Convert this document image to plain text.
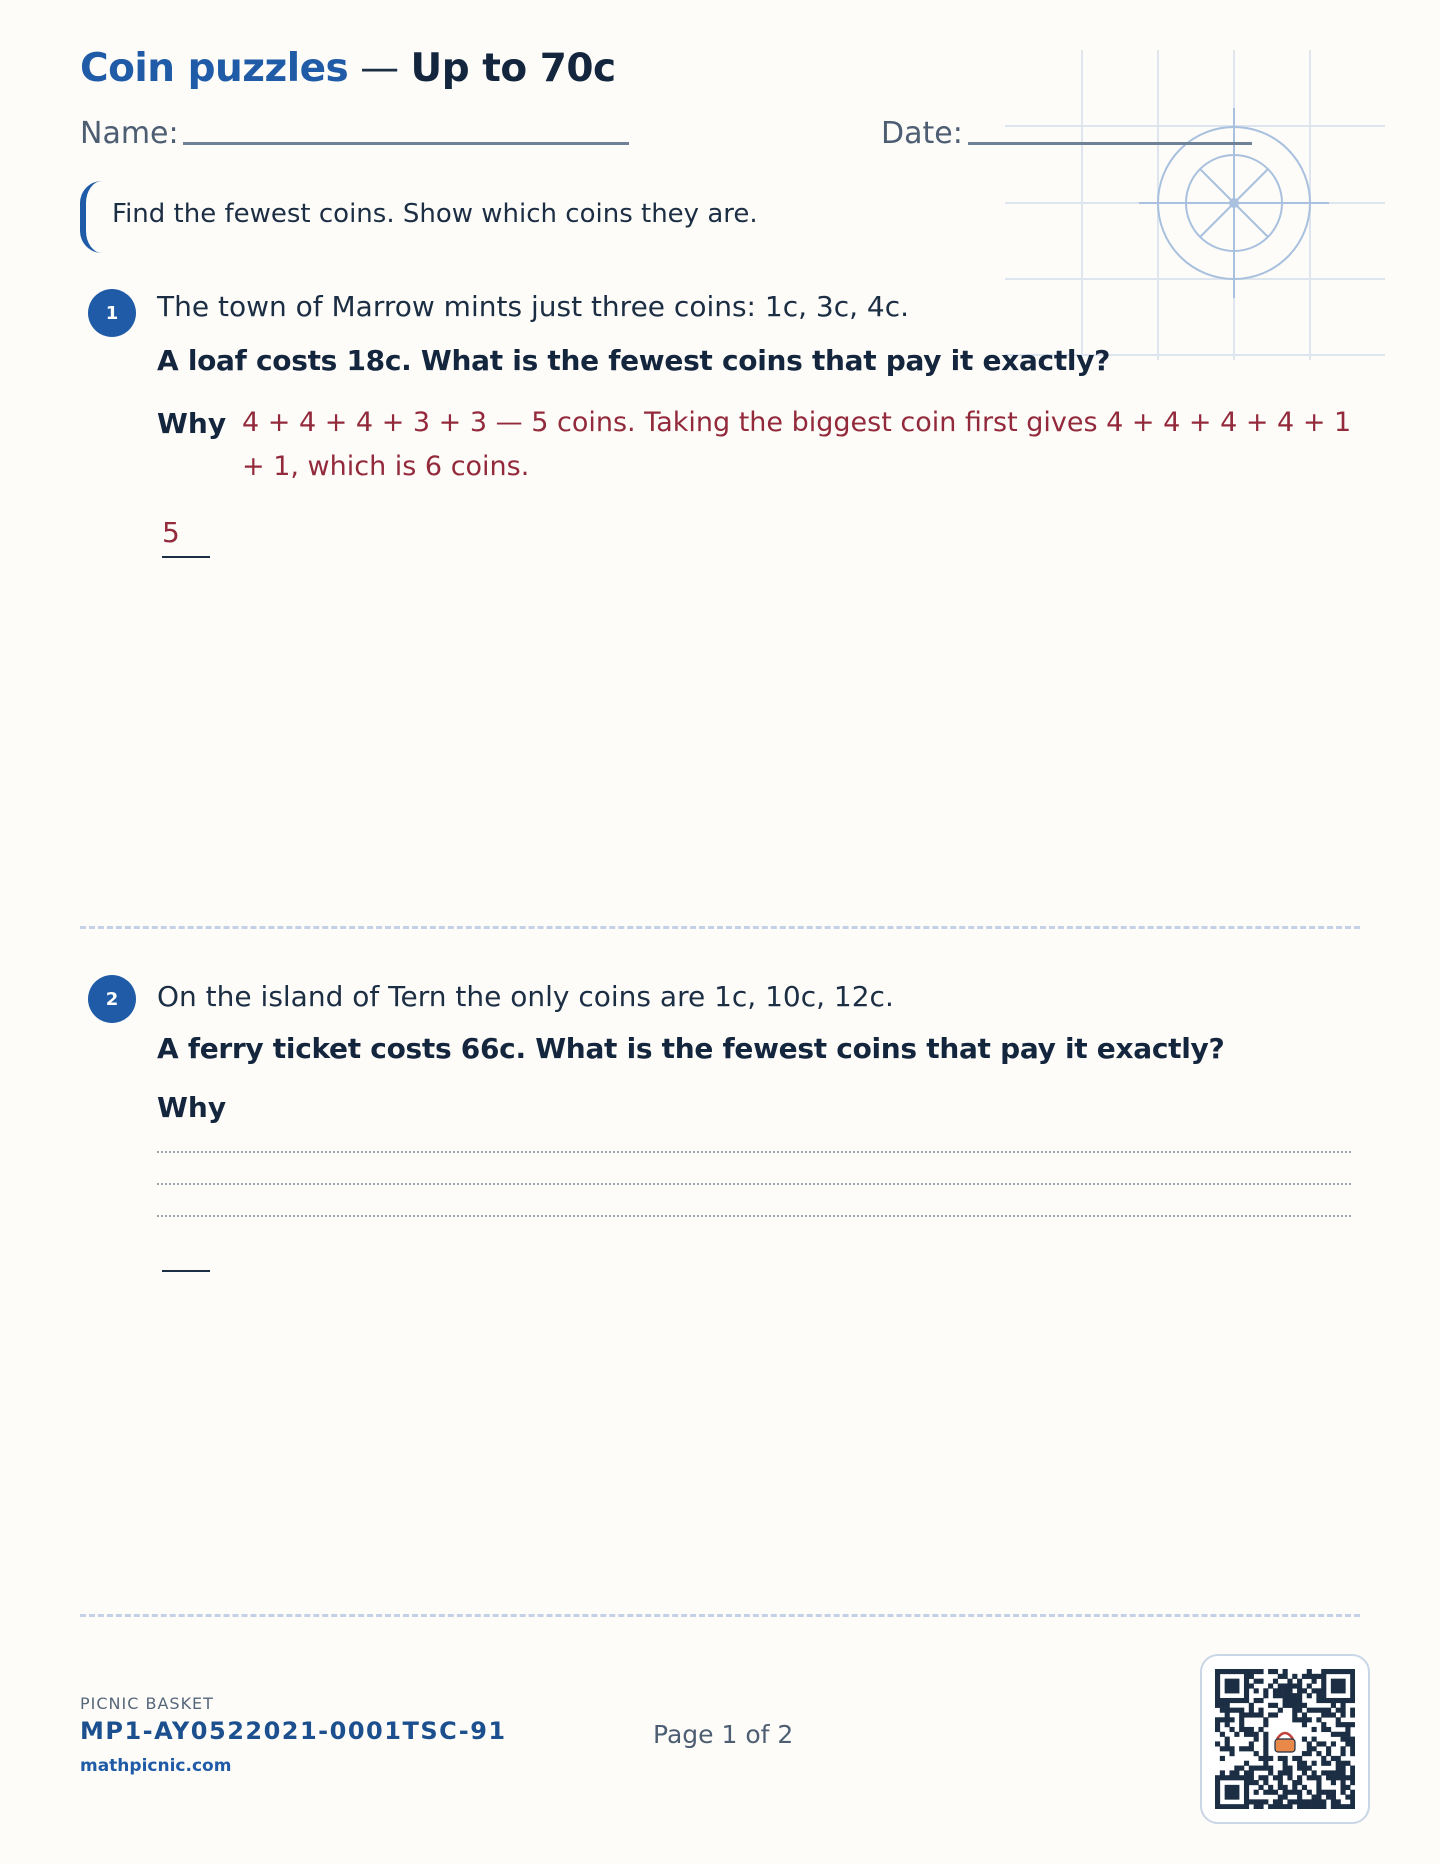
Coin puzzles — Up to 70c
Name:	Date:
Find the fewest coins. Show which coins they are.
1	The town of Marrow mints just three coins: 1c, 3c, 4c.
A loaf costs 18c. What is the fewest coins that pay it exactly?
Why 4 + 4 + 4 + 3 + 3 — 5 coins. Taking the biggest coin first gives 4 + 4 + 4 + 4 + 1 + 1, which is 6 coins.
5
2	On the island of Tern the only coins are 1c, 10c, 12c.
A ferry ticket costs 66c. What is the fewest coins that pay it exactly?
Why
PICNIC BASKET
MP1-AY0522021-0001TSC-91
mathpicnic.com
Page 1 of 2
